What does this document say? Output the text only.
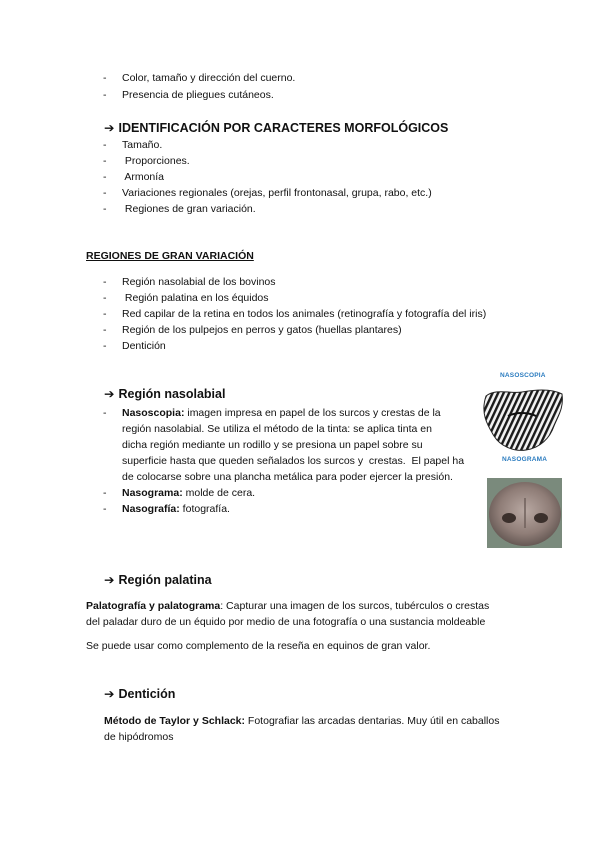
-	Color, tamaño y dirección del cuerno.
-	Presencia de pliegues cutáneos.
➔ IDENTIFICACIÓN POR CARACTERES MORFOLÓGICOS
-	Tamaño.
-	Proporciones.
-	Armonía
-	Variaciones regionales (orejas, perfil frontonasal, grupa, rabo, etc.)
-	Regiones de gran variación.
REGIONES DE GRAN VARIACIÓN
-	Región nasolabial de los bovinos
-	Región palatina en los équidos
-	Red capilar de la retina en todos los animales (retinografía y fotografía del iris)
-	Región de los pulpejos en perros y gatos (huellas plantares)
-	Dentición
➔ Región nasolabial
-	Nasoscopia: imagen impresa en papel de los surcos y crestas de la
región nasolabial. Se utiliza el método de la tinta: se aplica tinta en
dicha región mediante un rodillo y se presiona un papel sobre su
superficie hasta que queden señalados los surcos y  crestas.  El papel ha
de colocarse sobre una plancha metálica para poder ejercer la presión.
-	Nasograma: molde de cera.
-	Nasografía: fotografía.
NASOSCOPIA
NASOGRAMA
➔ Región palatina
Palatografía y palatograma: Capturar una imagen de los surcos, tubérculos o crestas
del paladar duro de un équido por medio de una fotografía o una sustancia moldeable
Se puede usar como complemento de la reseña en equinos de gran valor.
➔ Dentición
Método de Taylor y Schlack: Fotografiar las arcadas dentarias. Muy útil en caballos
de hipódromos
